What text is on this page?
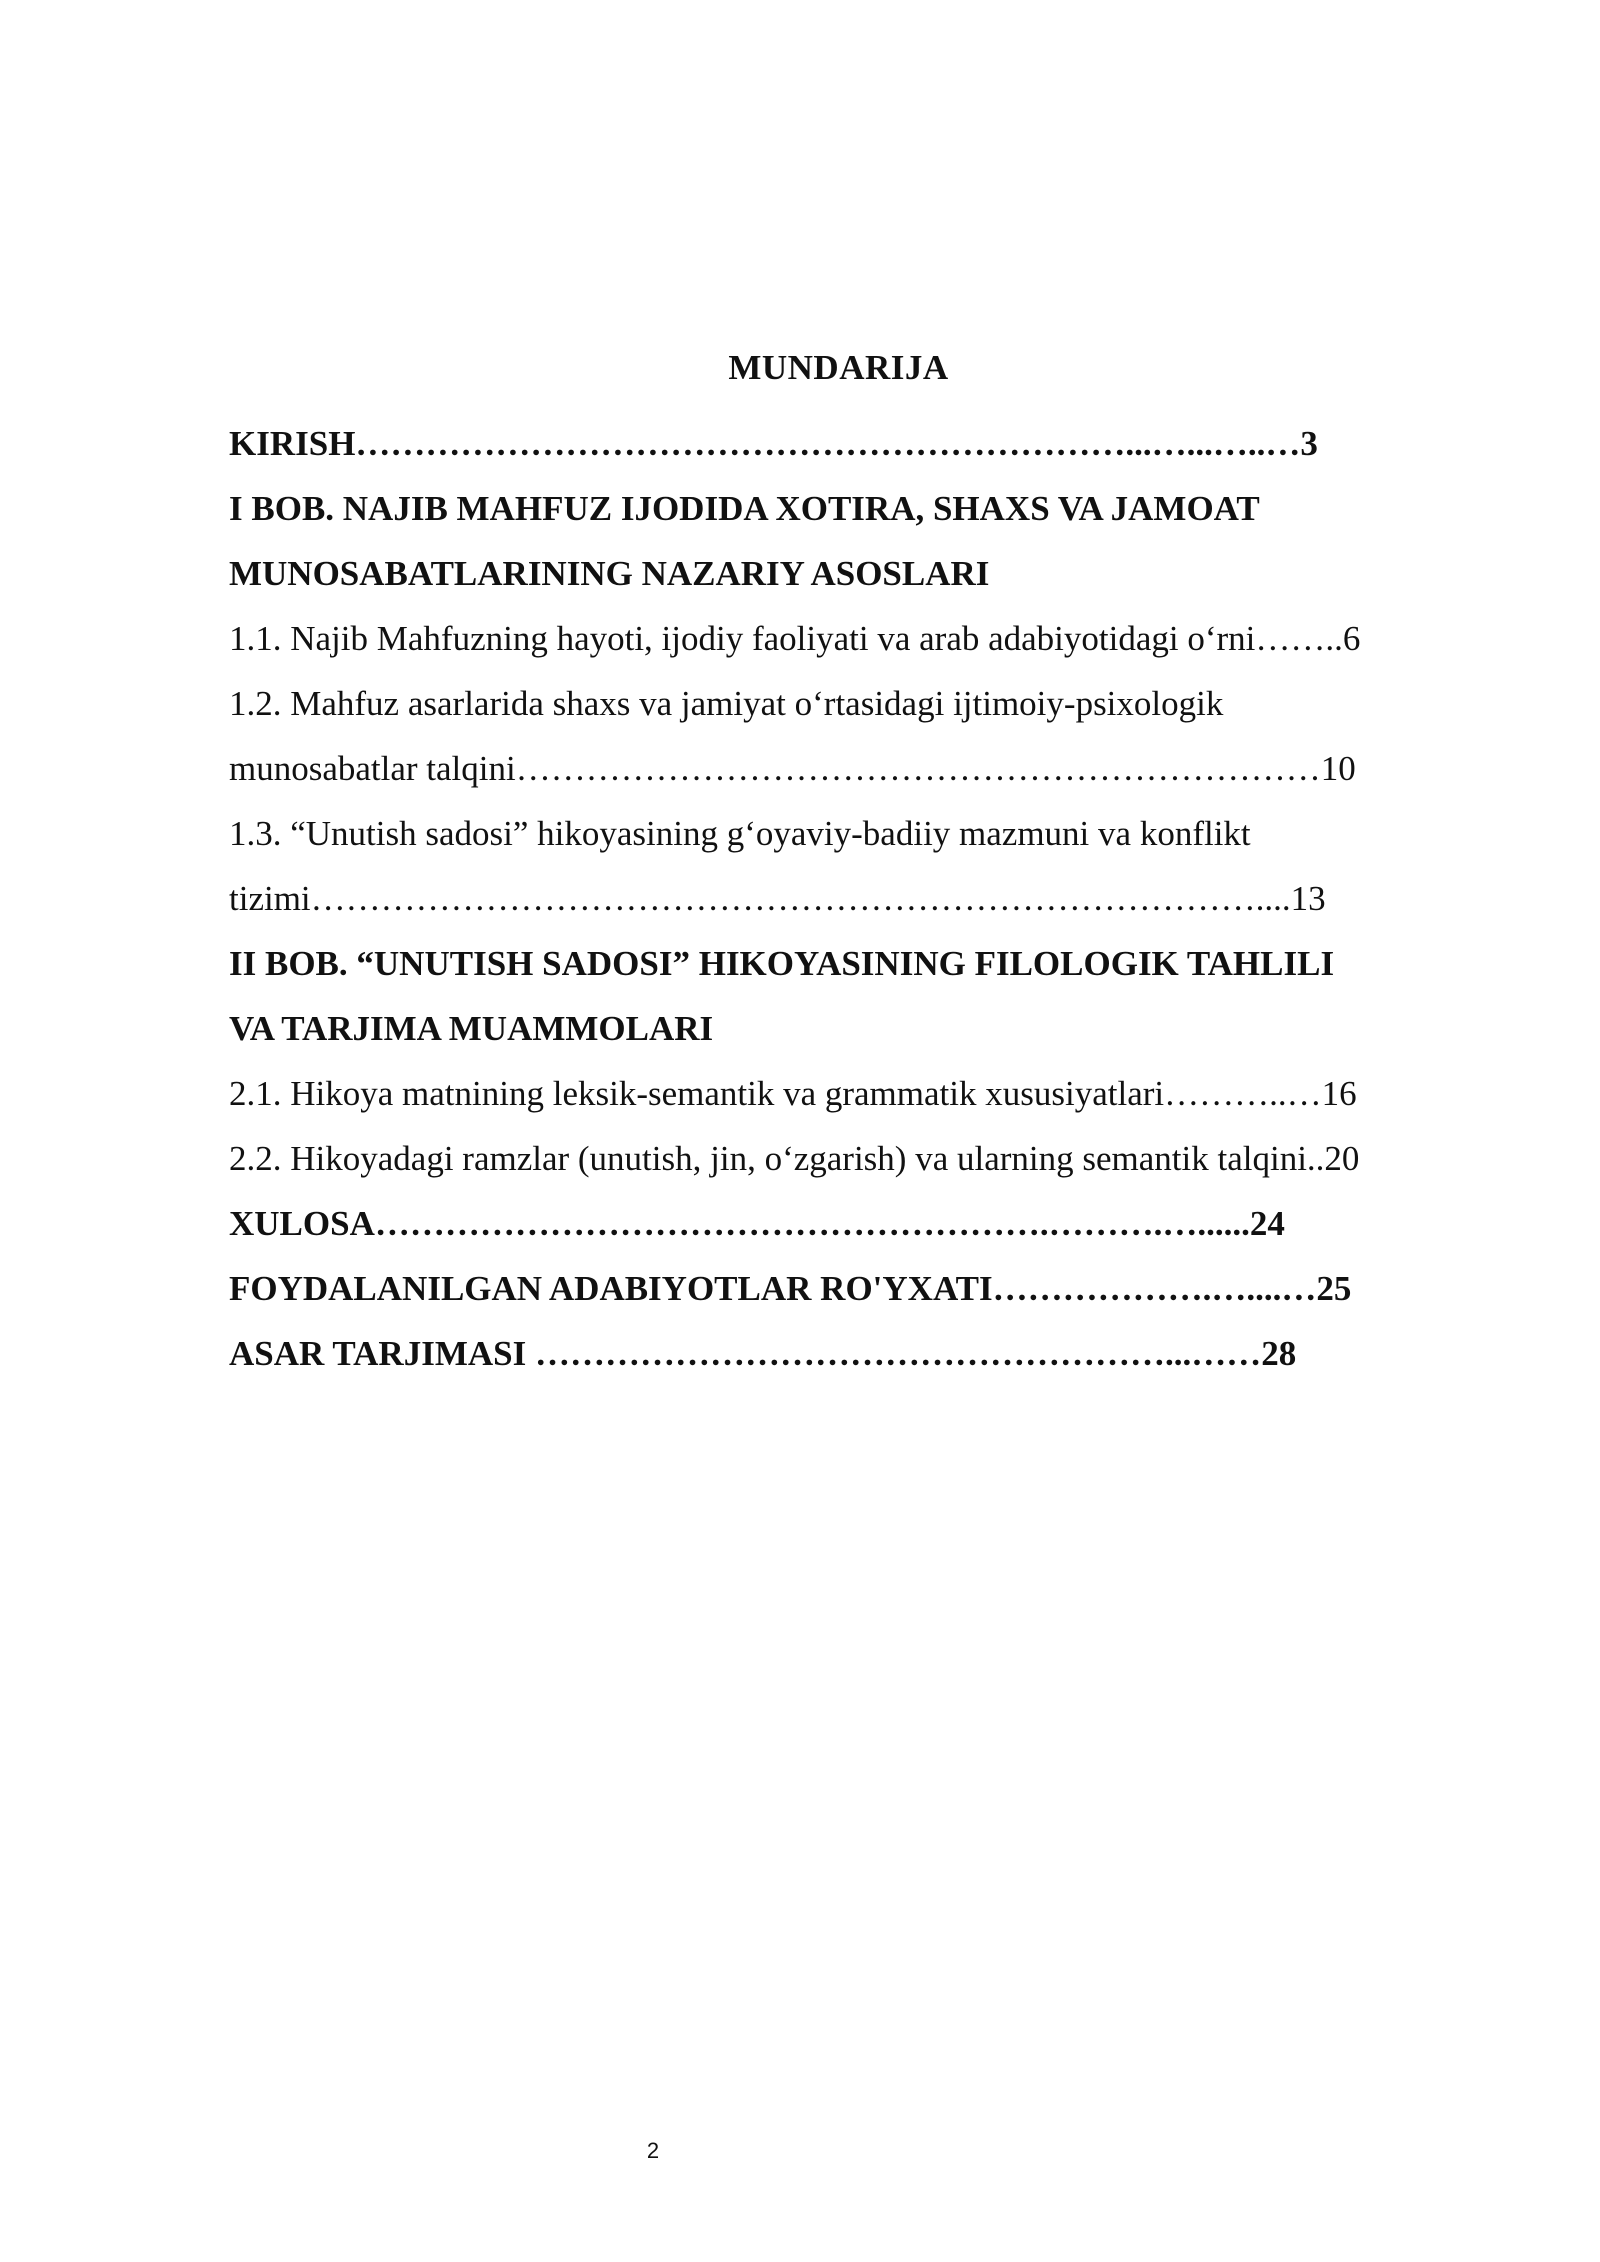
MUNDARIJA
KIRISH…………………………………………………………...…...…..…3
I BOB. NAJIB MAHFUZ IJODIDA XOTIRA, SHAXS VA JAMOAT
MUNOSABATLARINING NAZARIY ASOSLARI
1.1. Najib Mahfuzning hayoti, ijodiy faoliyati va arab adabiyotidagi o‘rni……..6
1.2. Mahfuz asarlarida shaxs va jamiyat o‘rtasidagi ijtimoiy-psixologik
munosabatlar talqini……………………………………………………………10
1.3. “Unutish sadosi” hikoyasining g‘oyaviy-badiiy mazmuni va konflikt
tizimi………………………………………………………………………....13
II BOB. “UNUTISH SADOSI” HIKOYASINING FILOLOGIK TAHLILI
VA TARJIMA MUAMMOLARI
2.1. Hikoya matnining leksik-semantik va grammatik xususiyatlari………..…16
2.2. Hikoyadagi ramzlar (unutish, jin, o‘zgarish) va ularning semantik talqini..20
XULOSA………………………………………………….……….…......24
FOYDALANILGAN ADABIYOTLAR RO'YXATI……………….…....…25
ASAR TARJIMASI ………………………………………………...……28
2
